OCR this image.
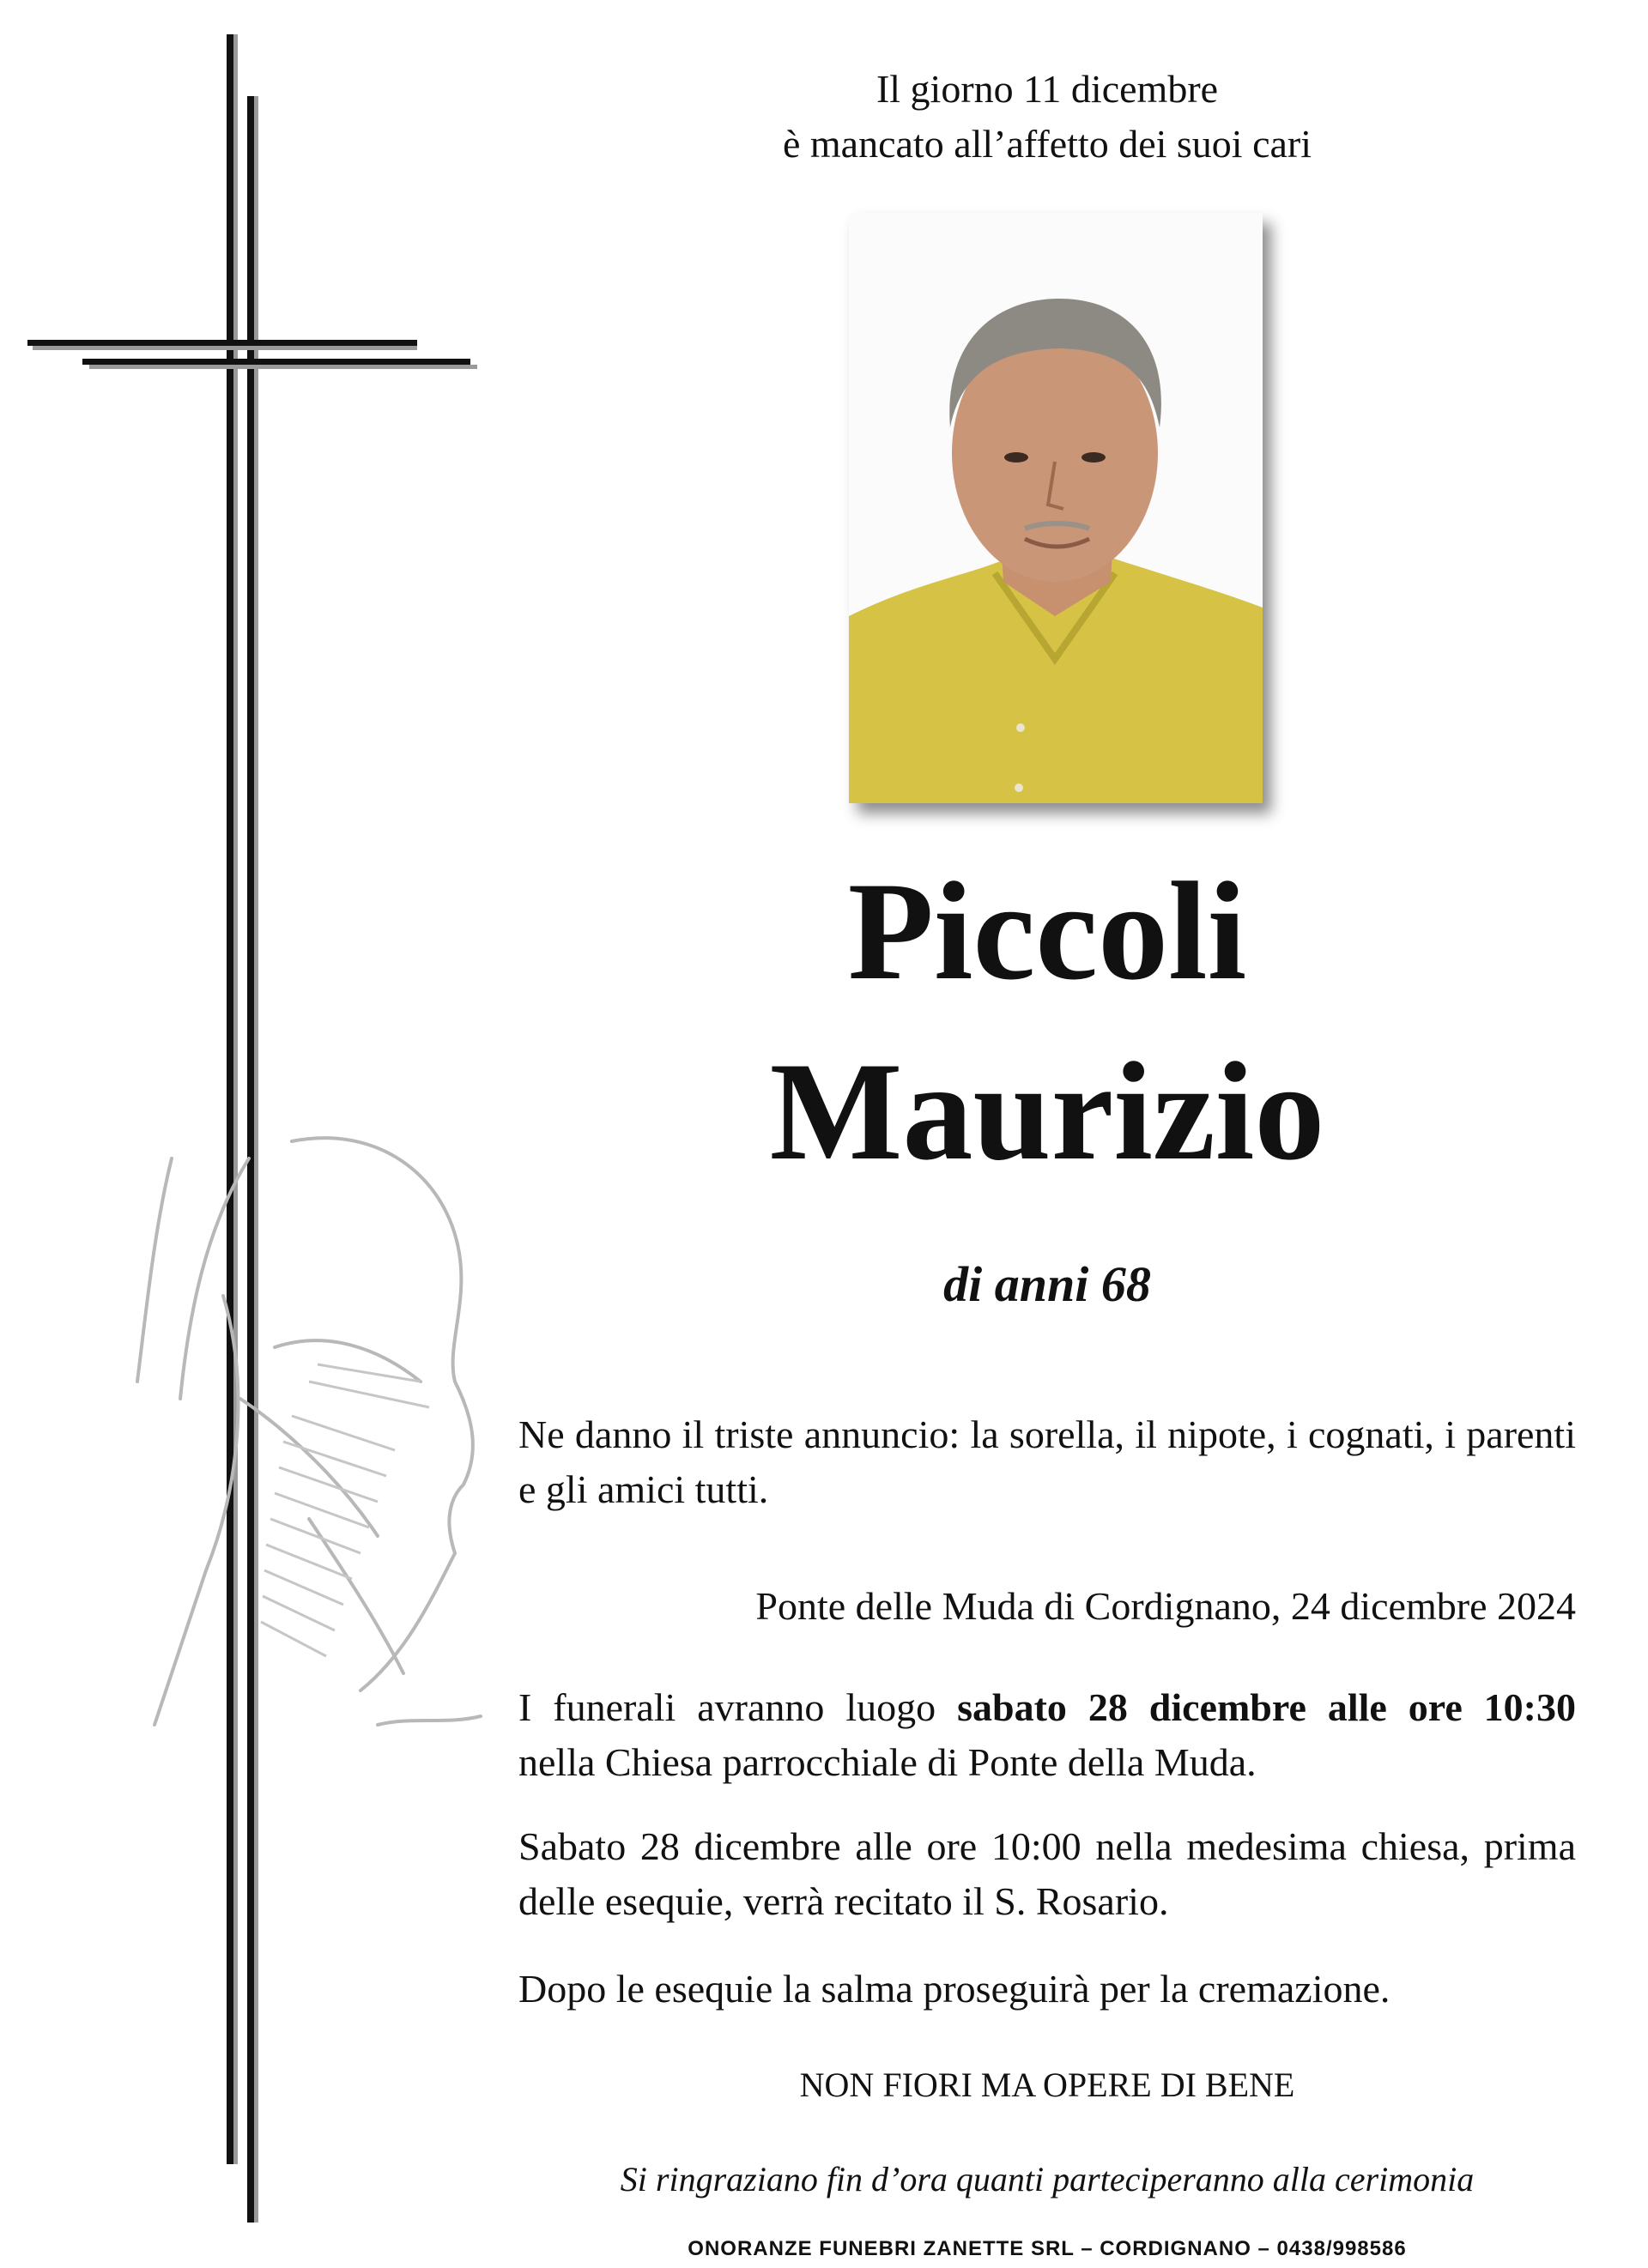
Il giorno 11 dicembre
è mancato all’affetto dei suoi cari
Piccoli
Maurizio
di anni 68
Ne danno il triste annuncio: la sorella, il nipote, i cognati, i parenti e gli amici tutti.
Ponte delle Muda di Cordignano, 24 dicembre 2024
I funerali avranno luogo sabato 28 dicembre alle ore 10:30
nella Chiesa parrocchiale di Ponte della Muda.
Sabato 28 dicembre alle ore 10:00 nella medesima chiesa, prima delle esequie, verrà recitato il S. Rosario.
Dopo le esequie la salma proseguirà per la cremazione.
NON FIORI MA OPERE DI BENE
Si ringraziano fin d’ora quanti parteciperanno alla cerimonia
ONORANZE FUNEBRI ZANETTE SRL – CORDIGNANO – 0438/998586
